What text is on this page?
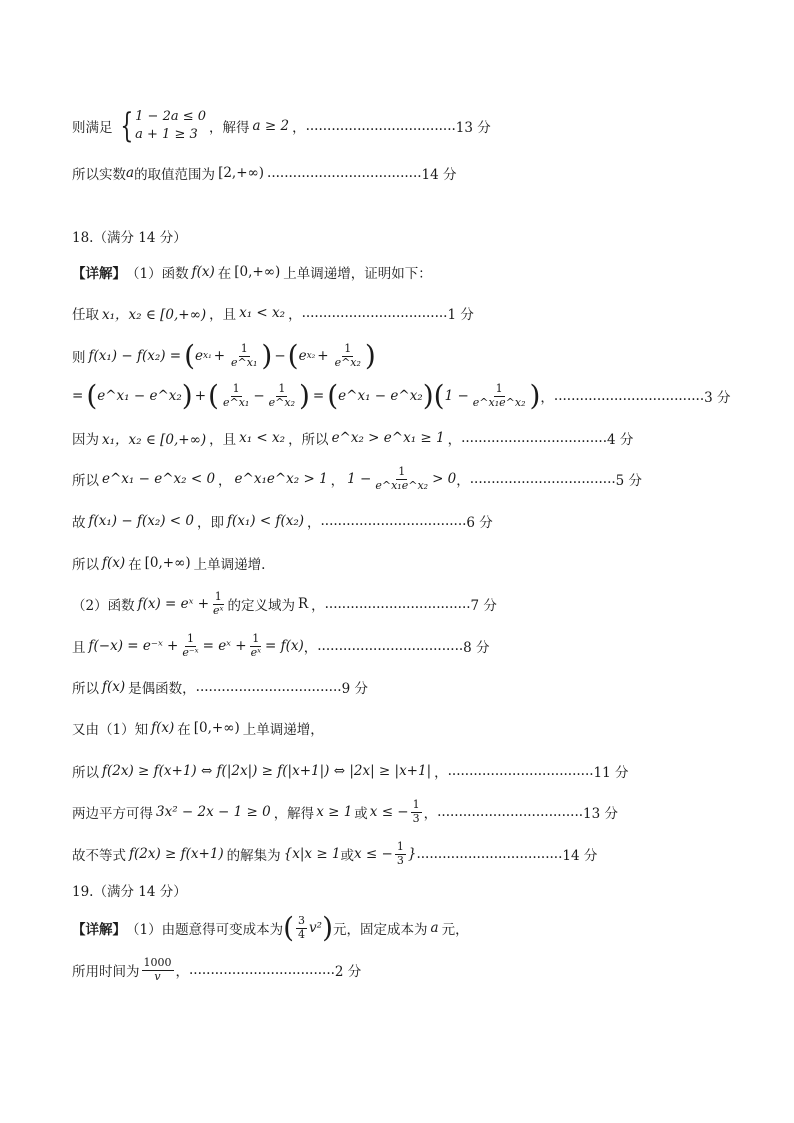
则满足 { 1 − 2a ≤ 0
a + 1 ≥ 3 ，解得 a ≥ 2 ， ................................... 13 分
所以实数 a 的取值范围为 [2,+∞) .................................... 14 分
18.（满分 14 分）
【详解】 （1）函数 f(x) 在 [0,+∞) 上单调递增，证明如下：
任取 x₁，x₂ ∈ [0,+∞) ，且 x₁ < x₂ ， .................................. 1 分
则 f(x₁) − f(x₂) = ( e $x_1 + \frac{1}{\text{e\textasciicircum{}x₁}}$ ) − ( e $x_2 + \frac{1}{\text{e\textasciicircum{}x₂}}$ )
= ( e^x₁ − e^x₂ ) + ( $\frac{1}{\text{e\textasciicircum{}x₁}} - \frac{1}{\text{e\textasciicircum{}x₂}}$ ) = ( e^x₁ − e^x₂ ) ( $1 - \frac{1}{\text{e\textasciicircum{}x₁e\textasciicircum{}x₂}}$ ) ， ................................... 3 分
因为 x₁，x₂ ∈ [0,+∞) ，且 x₁ < x₂ ，所以 e^x₂ > e^x₁ ≥ 1 ， .................................. 4 分
所以 e^x₁ − e^x₂ < 0 ， e^x₁e^x₂ > 1 ， $1 - \frac{1}{\text{e\textasciicircum{}x₁e\textasciicircum{}x₂}} > 0$ ， .................................. 5 分
故 f(x₁) − f(x₂) < 0 ，即 f(x₁) < f(x₂) ， .................................. 6 分
所以 f(x) 在 [0,+∞) 上单调递增.
（2）函数 f(x) = eˣ + $\frac{1}{\text{eˣ}}$ 的定义域为 R ， .................................. 7 分
且 f(−x) = e⁻ˣ + $\frac{1}{\text{e⁻ˣ}}$ = eˣ + $\frac{1}{\text{eˣ}} = f(x)$ ， .................................. 8 分
所以 f(x) 是偶函数， .................................. 9 分
又由（1）知 f(x) 在 [0,+∞) 上单调递增，
所以 f(2x) ≥ f(x+1) ⇔ f(|2x|) ≥ f(|x+1|) ⇔ |2x| ≥ |x+1| ， .................................. 11 分
两边平方可得 3x² − 2x − 1 ≥ 0 ，解得 x ≥ 1 或 x ≤ − $\frac{1}{3}$ ， .................................. 13 分
故不等式 f(2x) ≥ f(x+1) 的解集为 {x|x ≥ 1 或 x ≤ − $\frac{1}{3}$ } .................................. 14 分
19.（满分 14 分）
【详解】 （1）由题意得可变成本为 ( $\frac{3}{4} v^2$ ) 元，固定成本为 a 元，
所用时间为 $\frac{1000}{v}$ ， .................................. 2 分
